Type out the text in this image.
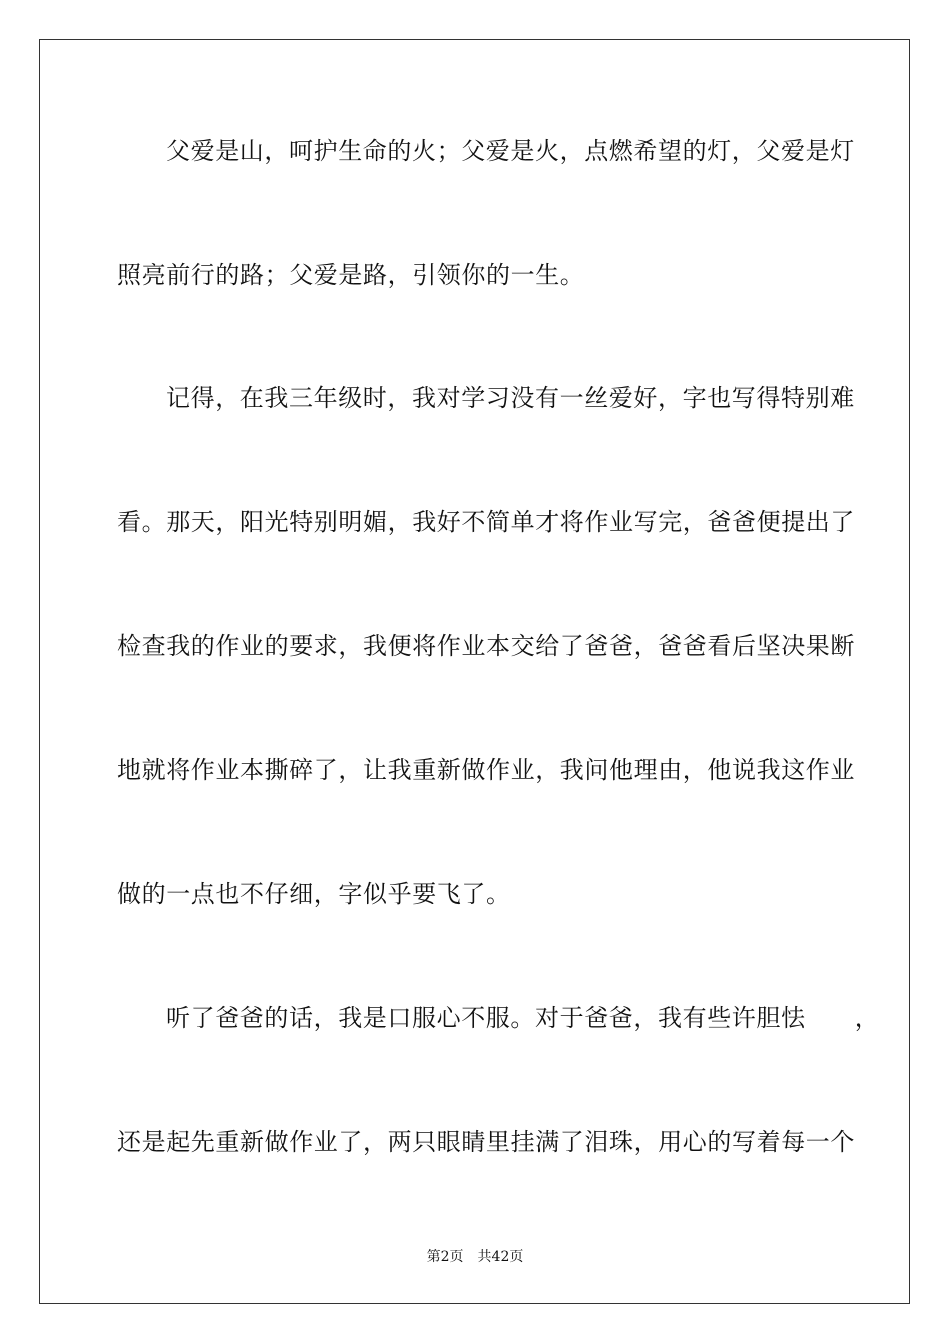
父爱是山，呵护生命的火；父爱是火，点燃希望的灯，父爱是灯
照亮前行的路；父爱是路，引领你的一生。
记得，在我三年级时，我对学习没有一丝爱好，字也写得特别难
看。那天，阳光特别明媚，我好不简单才将作业写完，爸爸便提出了
检查我的作业的要求，我便将作业本交给了爸爸，爸爸看后坚决果断
地就将作业本撕碎了，让我重新做作业，我问他理由，他说我这作业
做的一点也不仔细，字似乎要飞了。
听了爸爸的话，我是口服心不服。对于爸爸，我有些许胆怯　　，
还是起先重新做作业了，两只眼睛里挂满了泪珠，用心的写着每一个
第2页　共42页
